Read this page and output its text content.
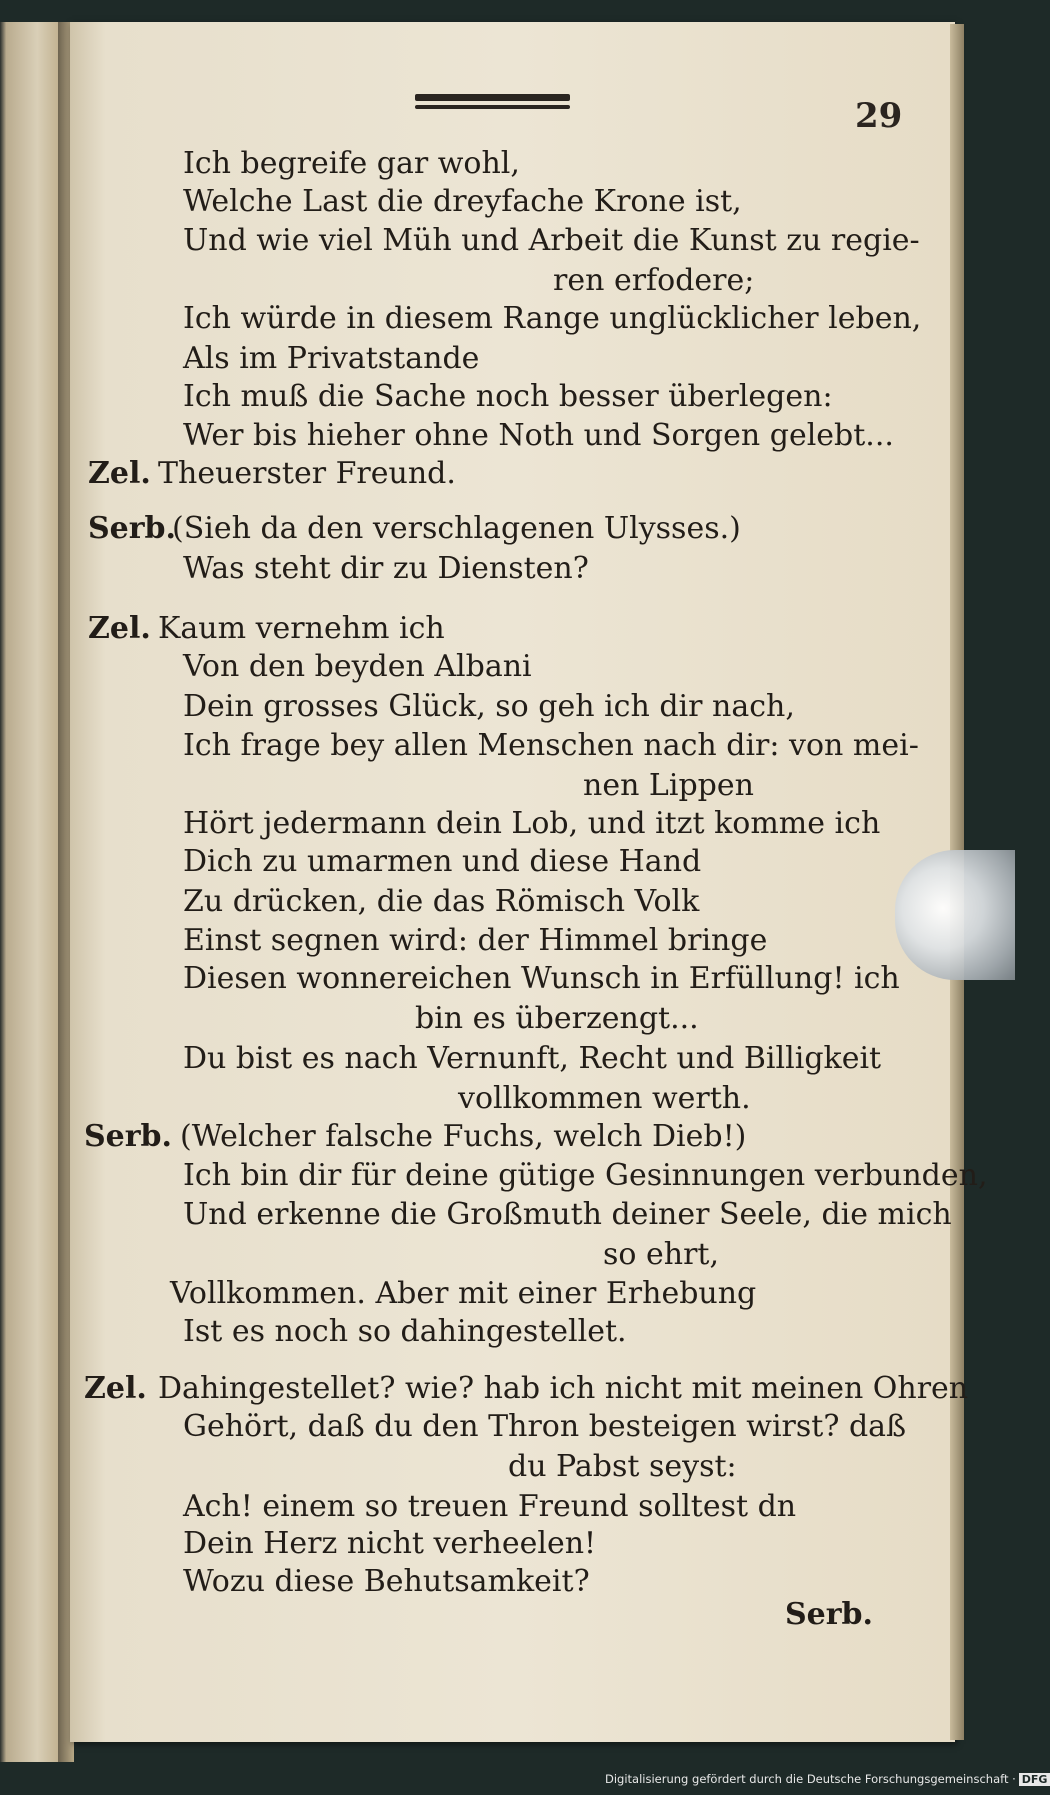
29
Ich begreife gar wohl,
Welche Last die dreyfache Krone ist,
Und wie viel Müh und Arbeit die Kunst zu regie-
ren erfodere;
Ich würde in diesem Range unglücklicher leben,
Als im Privatstande
Ich muß die Sache noch besser überlegen:
Wer bis hieher ohne Noth und Sorgen gelebt...
Zel. Theuerster Freund.
Serb.
(Sieh da den verschlagenen Ulysses.)
Was steht dir zu Diensten?
Zel. Kaum vernehm ich
Von den beyden Albani
Dein grosses Glück, so geh ich dir nach,
Ich frage bey allen Menschen nach dir: von mei-
nen Lippen
Hört jedermann dein Lob, und itzt komme ich
Dich zu umarmen und diese Hand
Zu drücken, die das Römisch Volk
Einst segnen wird: der Himmel bringe
Diesen wonnereichen Wunsch in Erfüllung! ich
bin es überzengt...
Du bist es nach Vernunft, Recht und Billigkeit
vollkommen werth.
Serb. (Welcher falsche Fuchs, welch Dieb!)
Ich bin dir für deine gütige Gesinnungen verbunden,
Und erkenne die Großmuth deiner Seele, die mich
so ehrt,
Vollkommen. Aber mit einer Erhebung
Ist es noch so dahingestellet.
Zel. Dahingestellet? wie? hab ich nicht mit meinen Ohren
Gehört, daß du den Thron besteigen wirst? daß
du Pabst seyst:
Ach! einem so treuen Freund solltest dn
Dein Herz nicht verheelen!
Wozu diese Behutsamkeit?
Serb.
Digitalisierung gefördert durch die Deutsche Forschungsgemeinschaft · DFG
